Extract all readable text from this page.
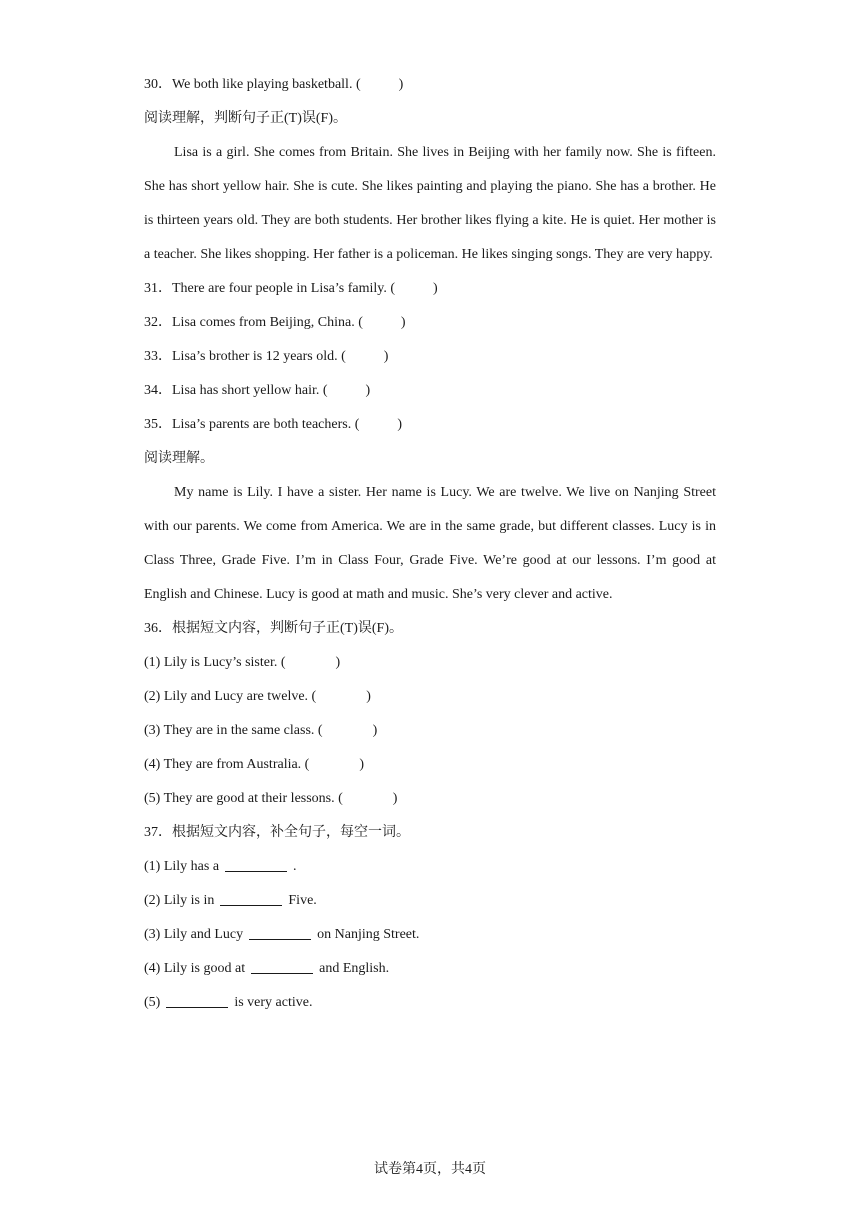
30．We both like playing basketball. (	)
阅读理解，判断句子正(T)误(F)。

Lisa is a girl. She comes from Britain. She lives in Beijing with her family now. She is fifteen. She has short yellow hair. She is cute. She likes painting and playing the piano. She has a brother. He is thirteen years old. They are both students. Her brother likes flying a kite. He is quiet. Her mother is a teacher. She likes shopping. Her father is a policeman. He likes singing songs. They are very happy.

31．There are four people in Lisa’s family. (	)
32．Lisa comes from Beijing, China. (	)
33．Lisa’s brother is 12 years old. (	)
34．Lisa has short yellow hair. (	)
35．Lisa’s parents are both teachers. (	)
阅读理解。

My name is Lily. I have a sister. Her name is Lucy. We are twelve. We live on Nanjing Street with our parents. We come from America. We are in the same grade, but different classes. Lucy is in Class Three, Grade Five. I’m in Class Four, Grade Five. We’re good at our lessons. I’m good at English and Chinese. Lucy is good at math and music. She’s very clever and active.

36．根据短文内容，判断句子正(T)误(F)。
(1) Lily is Lucy’s sister. (	)
(2) Lily and Lucy are twelve. (	)
(3) They are in the same class. (	)
(4) They are from Australia. (	)
(5) They are good at their lessons. (	)
37．根据短文内容，补全句子，每空一词。
(1) Lily has a	.
(2) Lily is in	Five.
(3) Lily and Lucy	on Nanjing Street.
(4) Lily is good at	and English.
(5)	is very active.
试卷第4页，共4页
